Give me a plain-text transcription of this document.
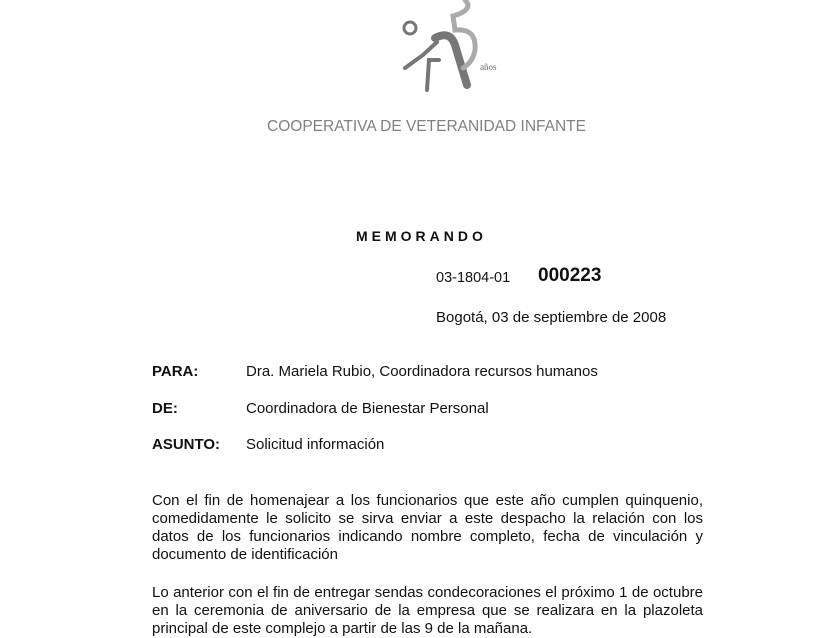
años
COOPERATIVA DE VETERANIDAD INFANTE
MEMORANDO
03-1804-01 000223
Bogotá, 03 de septiembre de 2008
PARA:	Dra. Mariela Rubio, Coordinadora recursos humanos
DE:	Coordinadora de Bienestar Personal
ASUNTO: Solicitud información
Con el fin de homenajear a los funcionarios que este año cumplen quinquenio, comedidamente le solicito se sirva enviar a este despacho la relación con los datos de los funcionarios indicando nombre completo, fecha de vinculación y documento de identificación
Lo anterior con el fin de entregar sendas condecoraciones el próximo 1 de octubre en la ceremonia de aniversario de la empresa que se realizara en la plazoleta principal de este complejo a partir de las 9 de la mañana.
